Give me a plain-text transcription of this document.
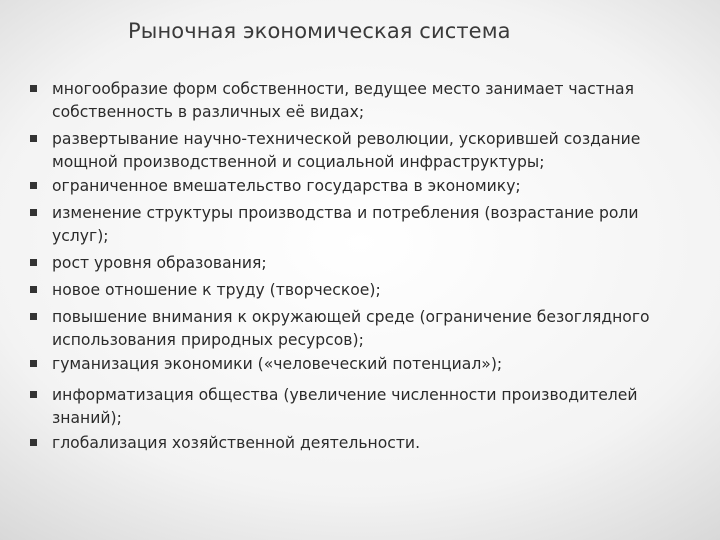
Рыночная экономическая система
многообразие форм собственности, ведущее место занимает частная собственность в различных её видах;
развертывание научно-технической революции, ускорившей создание мощной производственной и социальной инфраструктуры;
ограниченное вмешательство государства в экономику;
изменение структуры производства и потребления (возрастание роли услуг);
рост уровня образования;
новое отношение к труду (творческое);
повышение внимания к окружающей среде (ограничение безоглядного использования природных ресурсов);
гуманизация экономики («человеческий потенциал»);
информатизация общества (увеличение численности производителей знаний);
глобализация хозяйственной деятельности.
